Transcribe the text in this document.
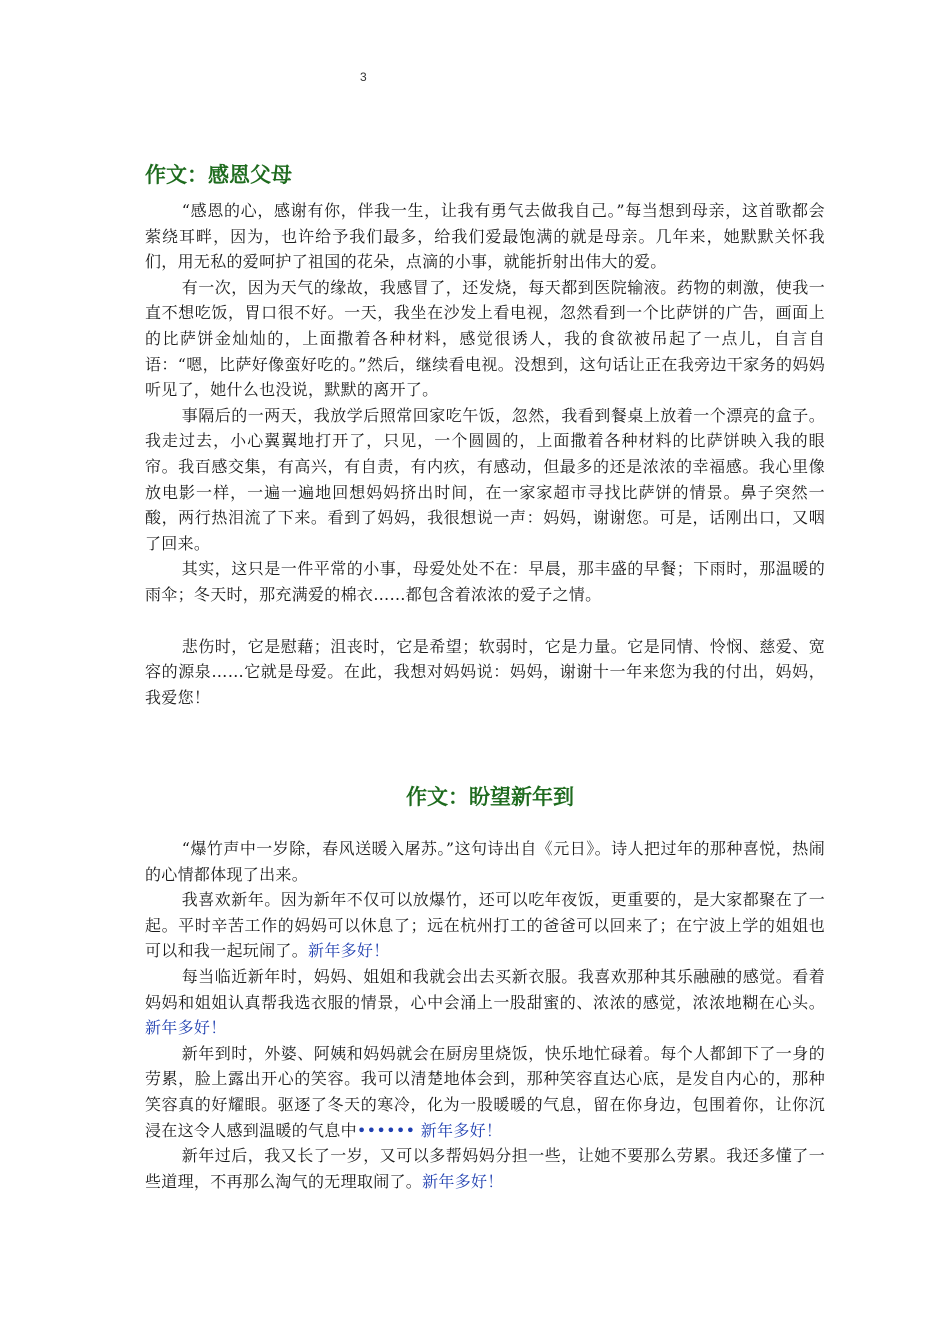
3
作文：感恩父母

“感恩的心，感谢有你，伴我一生，让我有勇气去做我自己。”每当想到母亲，这首歌都会萦绕耳畔，因为，也许给予我们最多，给我们爱最饱满的就是母亲。几年来，她默默关怀我们，用无私的爱呵护了祖国的花朵，点滴的小事，就能折射出伟大的爱。

有一次，因为天气的缘故，我感冒了，还发烧，每天都到医院输液。药物的刺激，使我一直不想吃饭，胃口很不好。一天，我坐在沙发上看电视，忽然看到一个比萨饼的广告，画面上的比萨饼金灿灿的，上面撒着各种材料，感觉很诱人，我的食欲被吊起了一点儿，自言自语：“嗯，比萨好像蛮好吃的。”然后，继续看电视。没想到，这句话让正在我旁边干家务的妈妈听见了，她什么也没说，默默的离开了。

事隔后的一两天，我放学后照常回家吃午饭，忽然，我看到餐桌上放着一个漂亮的盒子。我走过去，小心翼翼地打开了，只见，一个圆圆的，上面撒着各种材料的比萨饼映入我的眼帘。我百感交集，有高兴，有自责，有内疚，有感动，但最多的还是浓浓的幸福感。我心里像放电影一样，一遍一遍地回想妈妈挤出时间，在一家家超市寻找比萨饼的情景。鼻子突然一酸，两行热泪流了下来。看到了妈妈，我很想说一声：妈妈，谢谢您。可是，话刚出口，又咽了回来。

其实，这只是一件平常的小事，母爱处处不在：早晨，那丰盛的早餐；下雨时，那温暖的雨伞；冬天时，那充满爱的棉衣……都包含着浓浓的爱子之情。

悲伤时，它是慰藉；沮丧时，它是希望；软弱时，它是力量。它是同情、怜悯、慈爱、宽容的源泉……它就是母爱。在此，我想对妈妈说：妈妈，谢谢十一年来您为我的付出，妈妈，我爱您！

作文：盼望新年到

“爆竹声中一岁除，春风送暖入屠苏。”这句诗出自《元日》。诗人把过年的那种喜悦，热闹的心情都体现了出来。

我喜欢新年。因为新年不仅可以放爆竹，还可以吃年夜饭，更重要的，是大家都聚在了一起。平时辛苦工作的妈妈可以休息了；远在杭州打工的爸爸可以回来了；在宁波上学的姐姐也可以和我一起玩闹了。新年多好！

每当临近新年时，妈妈、姐姐和我就会出去买新衣服。我喜欢那种其乐融融的感觉。看着妈妈和姐姐认真帮我选衣服的情景，心中会涌上一股甜蜜的、浓浓的感觉，浓浓地糊在心头。新年多好！

新年到时，外婆、阿姨和妈妈就会在厨房里烧饭，快乐地忙碌着。每个人都卸下了一身的劳累，脸上露出开心的笑容。我可以清楚地体会到，那种笑容直达心底，是发自内心的，那种笑容真的好耀眼。驱逐了冬天的寒冷，化为一股暖暖的气息，留在你身边，包围着你，让你沉浸在这令人感到温暖的气息中•••••• 新年多好！

新年过后，我又长了一岁，又可以多帮妈妈分担一些，让她不要那么劳累。我还多懂了一些道理，不再那么淘气的无理取闹了。新年多好！
